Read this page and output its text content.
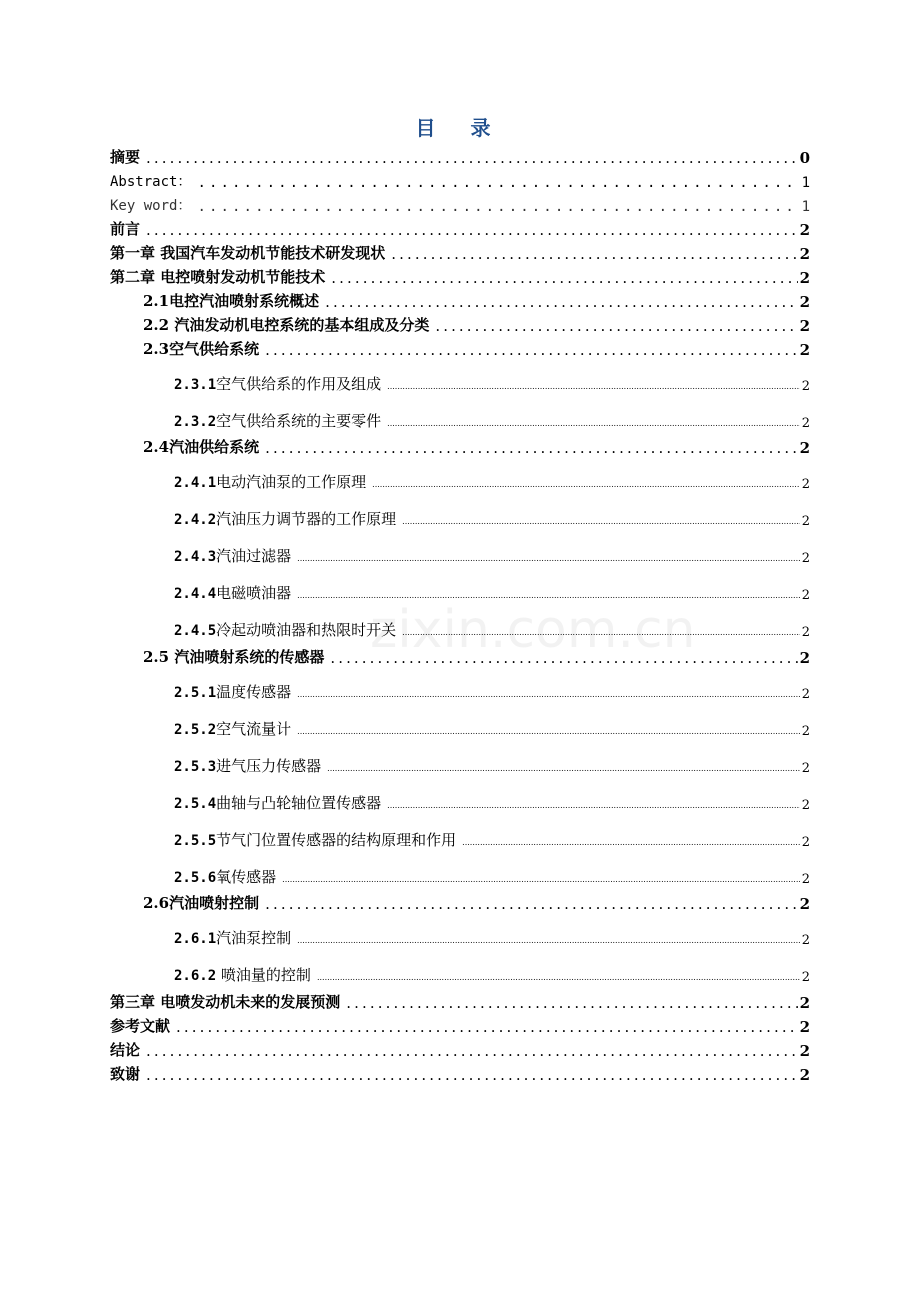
目 录
zixin.com.cn
摘要 .....	0
Abstract： .....	1
Key word： .....	1
前言 .....	2
第一章 我国汽车发动机节能技术研发现状 .....	2
第二章 电控喷射发动机节能技术 .....	2
2.1电控汽油喷射系统概述 .....	2
2.2 汽油发动机电控系统的基本组成及分类 .....	2
2.3空气供给系统 .....	2
2.3.1空气供给系的作用及组成 .....	2
2.3.2空气供给系统的主要零件 .....	2
2.4汽油供给系统 .....	2
2.4.1电动汽油泵的工作原理 .....	2
2.4.2汽油压力调节器的工作原理 .....	2
2.4.3汽油过滤器 .....	2
2.4.4电磁喷油器 .....	2
2.4.5冷起动喷油器和热限时开关 .....	2
2.5 汽油喷射系统的传感器 .....	2
2.5.1温度传感器 .....	2
2.5.2空气流量计 .....	2
2.5.3进气压力传感器 .....	2
2.5.4曲轴与凸轮轴位置传感器 .....	2
2.5.5节气门位置传感器的结构原理和作用 .....	2
2.5.6氧传感器 .....	2
2.6汽油喷射控制 .....	2
2.6.1汽油泵控制 .....	2
2.6.2 喷油量的控制 .....	2
第三章 电喷发动机未来的发展预测 .....	2
参考文献 .....	2
结论 .....	2
致谢 .....	2
